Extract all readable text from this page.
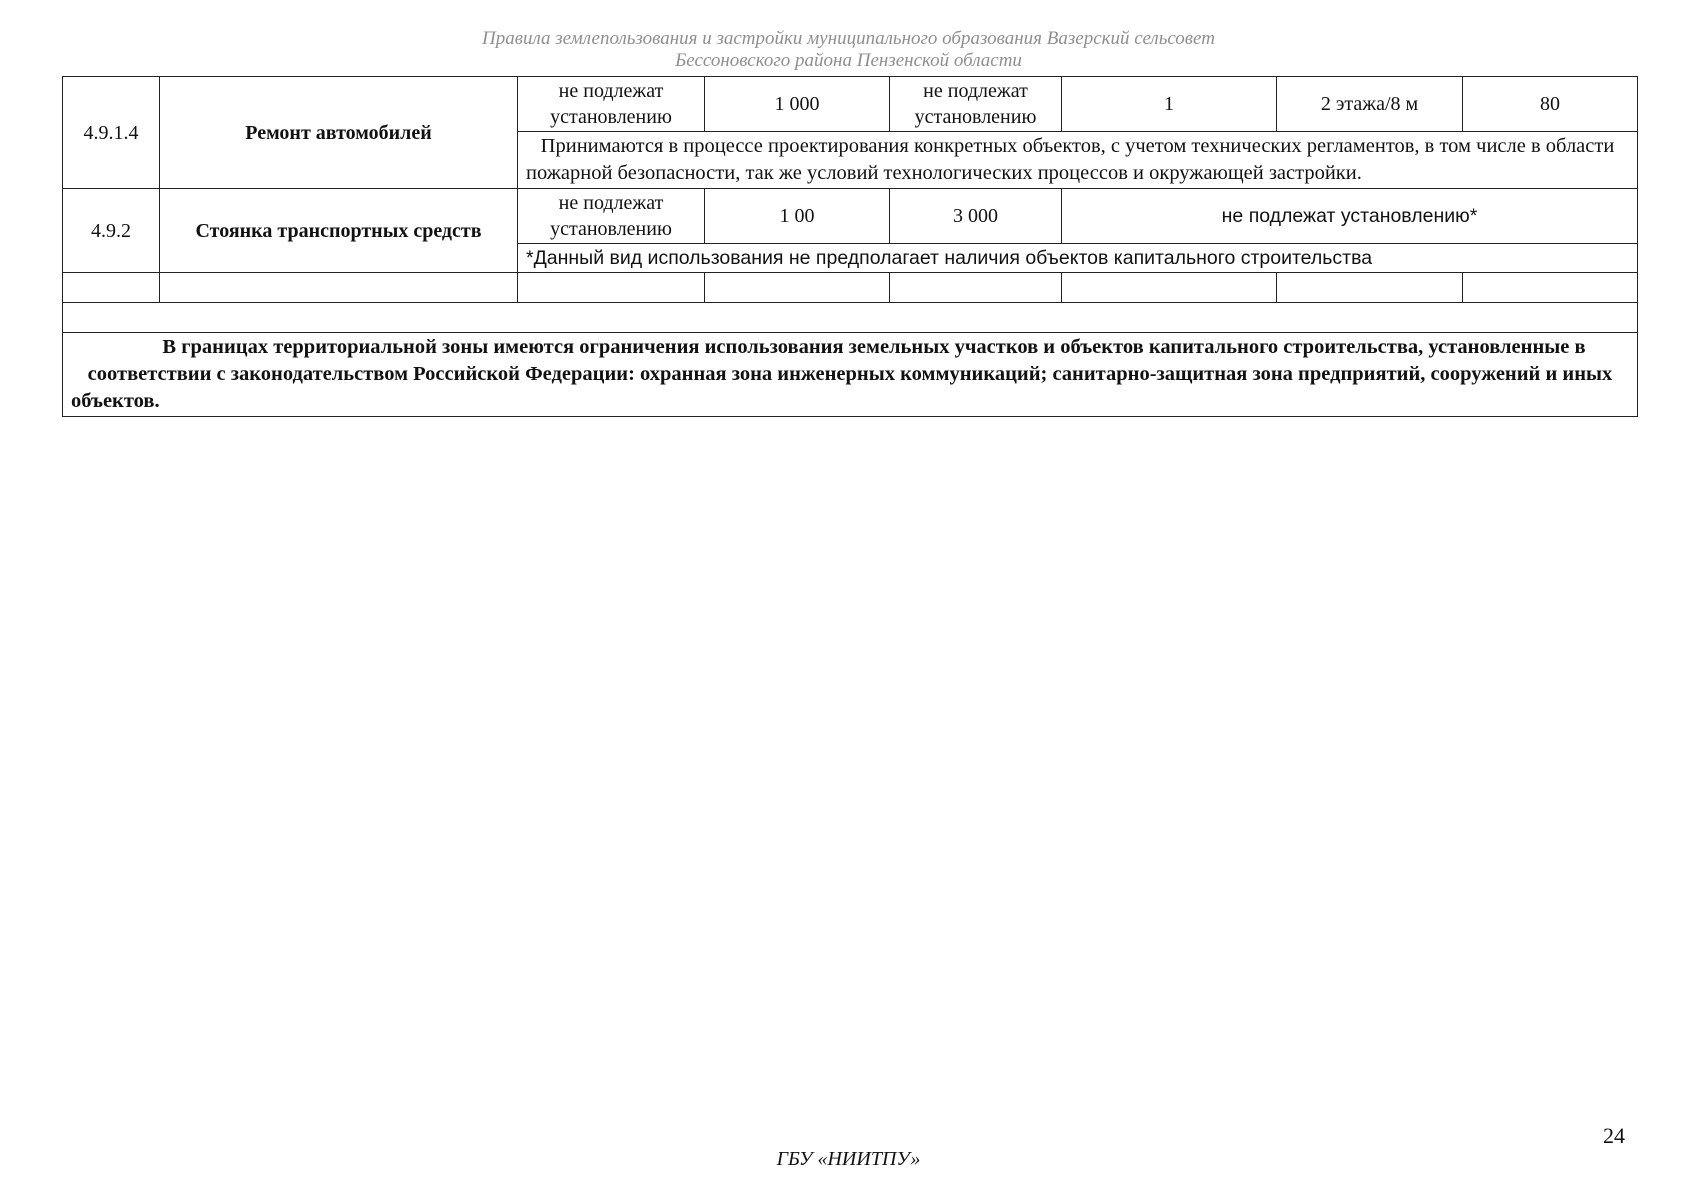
Правила землепользования и застройки муниципального образования Вазерский сельсовет
Бессоновского района Пензенской области
4.9.1.4	Ремонт автомобилей	не подлежат установлению	1 000	не подлежат установлению	1	2 этажа/8 м	80
		Принимаются в процессе проектирования конкретных объектов, с учетом технических регламентов, в том числе в области пожарной безопасности, так же условий технологических процессов и окружающей застройки.					
4.9.2	Стоянка транспортных средств	не подлежат установлению	1 00	3 000	не подлежат установлению*		
		*Данный вид использования не предполагает наличия объектов капитального строительства					

В границах территориальной зоны имеются ограничения использования земельных участков и объектов капитального строительства, установленные в соответствии с законодательством Российской Федерации: охранная зона инженерных коммуникаций; санитарно-защитная зона предприятий, сооружений и иных объектов.							
24
ГБУ «НИИТПУ»
